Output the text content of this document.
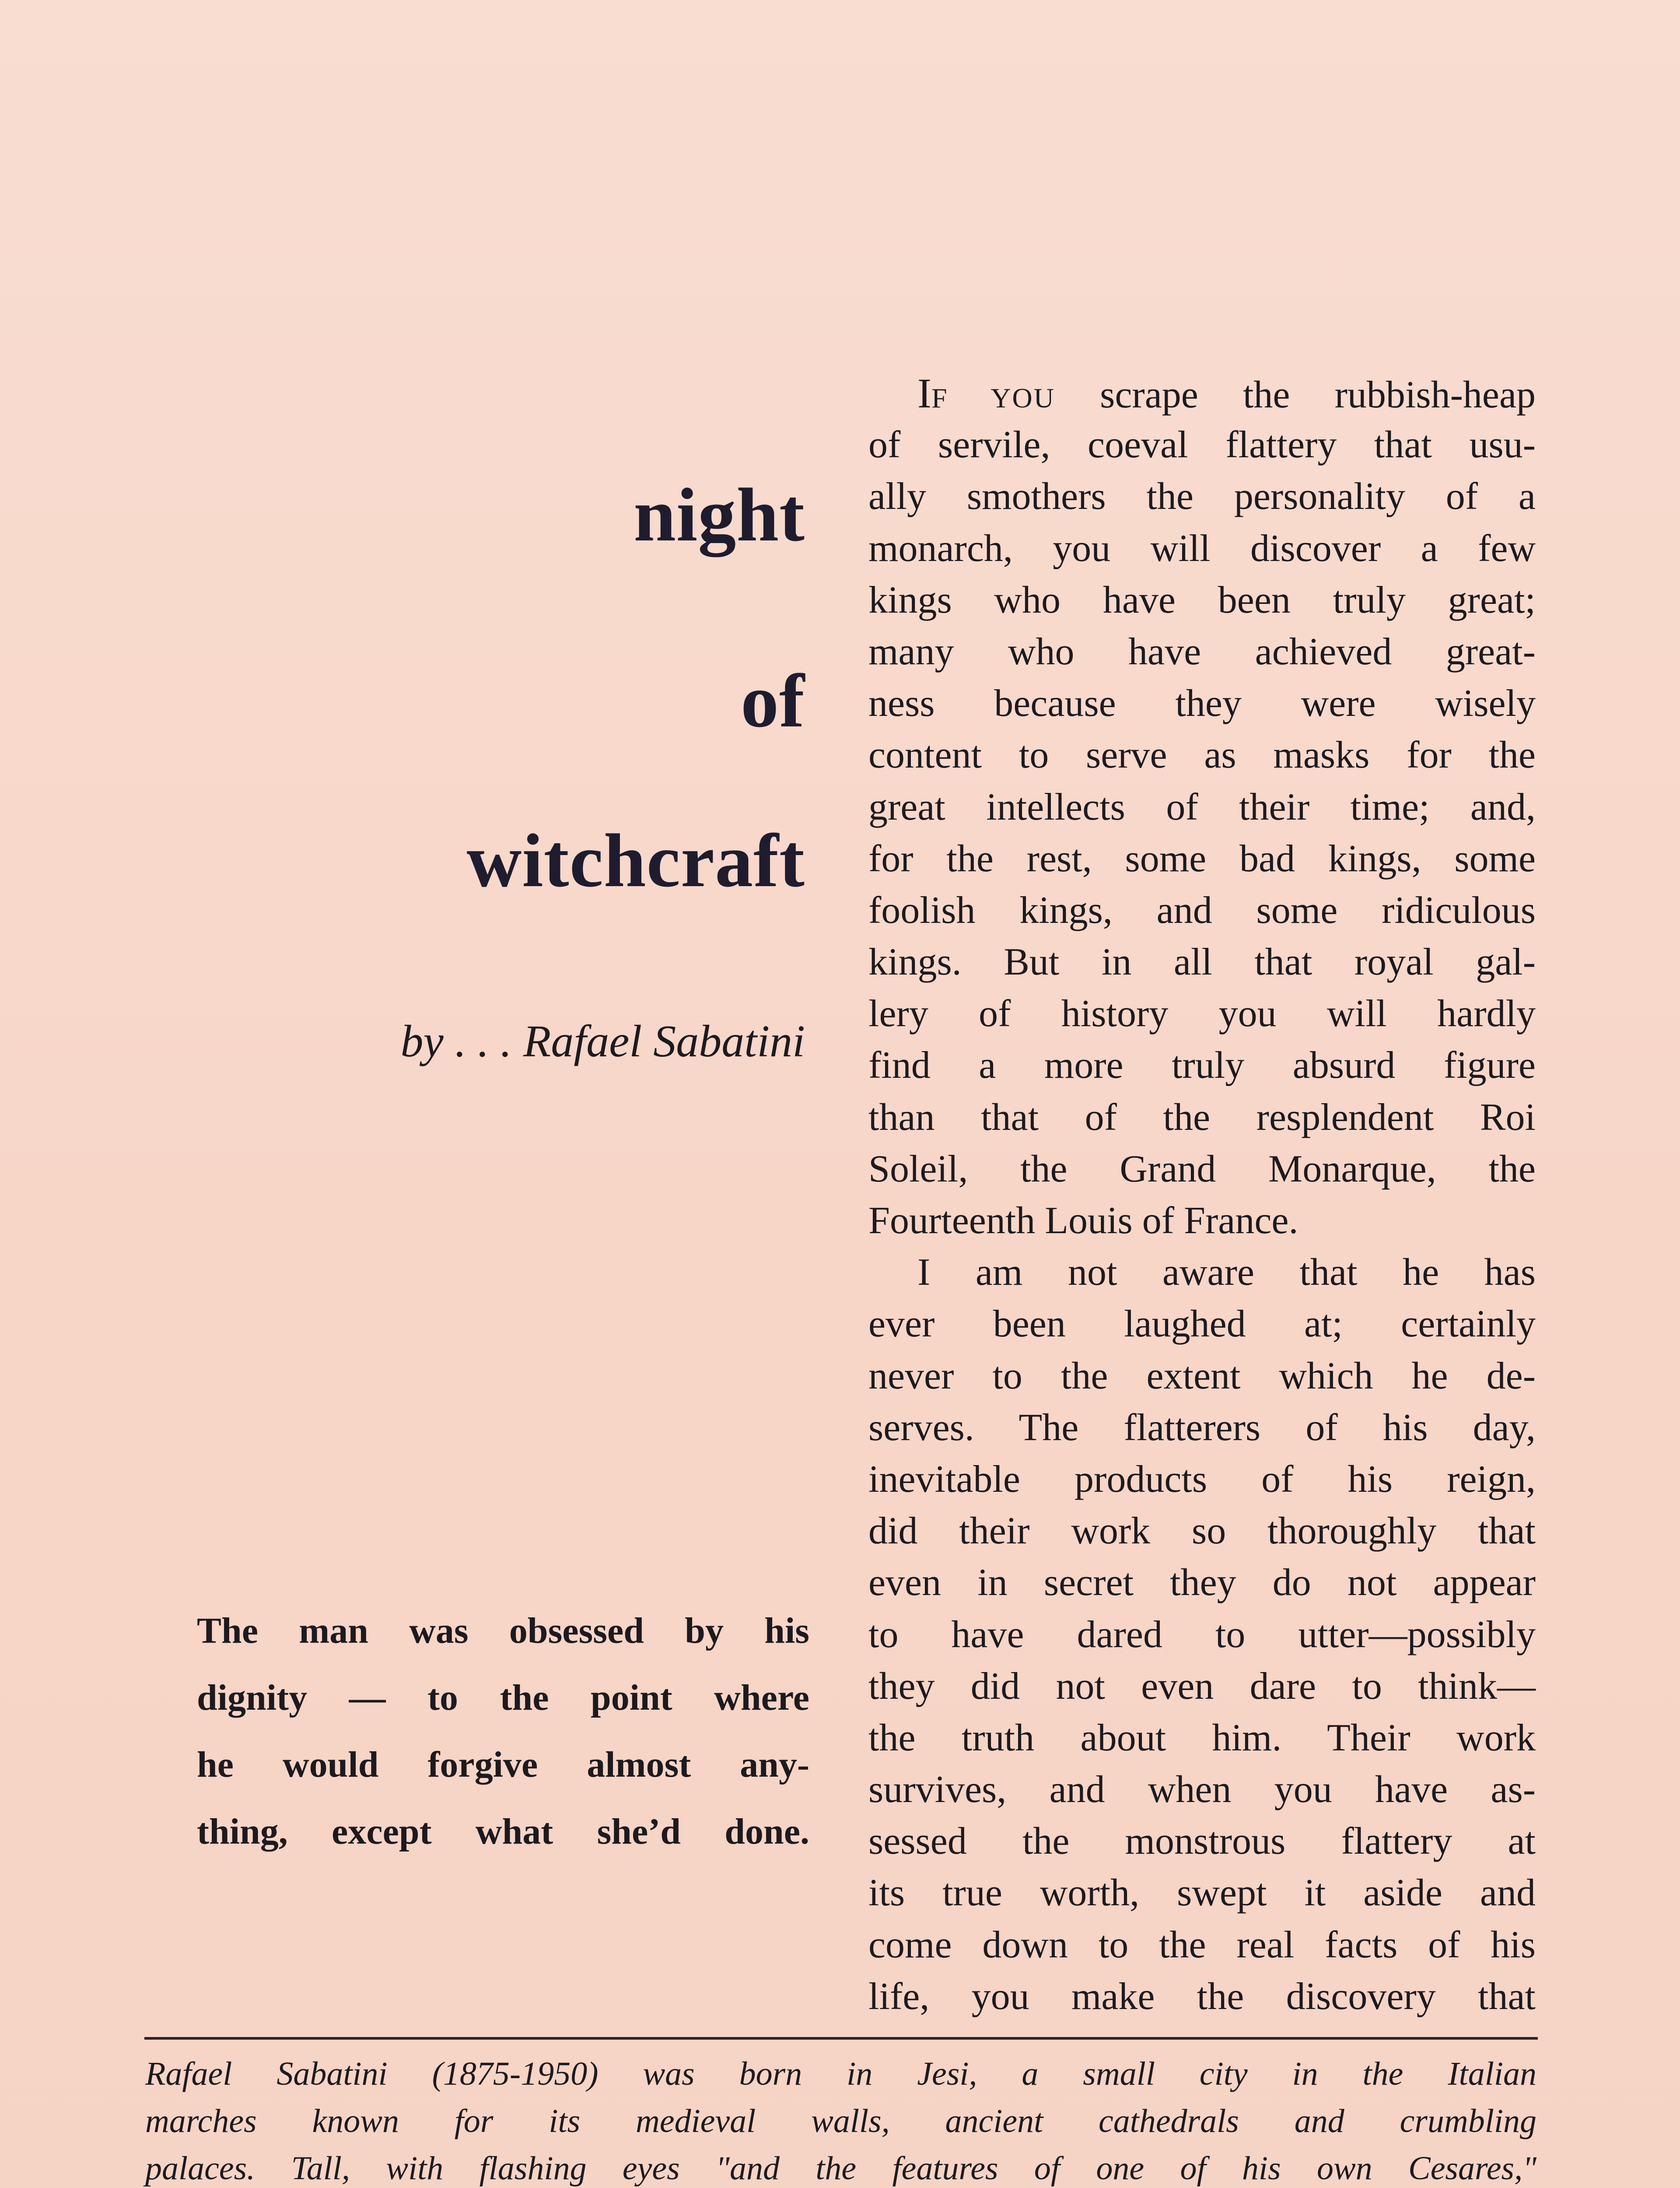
night
of
witchcraft
by . . . Rafael Sabatini
The man was obsessed by his
dignity — to the point where
he would forgive almost any-
thing, except what she’d done.
IF YOU scrape the rubbish-heap
of servile, coeval flattery that usu-
ally smothers the personality of a
monarch, you will discover a few
kings who have been truly great;
many who have achieved great-
ness because they were wisely
content to serve as masks for the
great intellects of their time; and,
for the rest, some bad kings, some
foolish kings, and some ridiculous
kings. But in all that royal gal-
lery of history you will hardly
find a more truly absurd figure
than that of the resplendent Roi
Soleil, the Grand Monarque, the
Fourteenth Louis of France.
I am not aware that he has
ever been laughed at; certainly
never to the extent which he de-
serves. The flatterers of his day,
inevitable products of his reign,
did their work so thoroughly that
even in secret they do not appear
to have dared to utter—possibly
they did not even dare to think—
the truth about him. Their work
survives, and when you have as-
sessed the monstrous flattery at
its true worth, swept it aside and
come down to the real facts of his
life, you make the discovery that
Rafael Sabatini (1875-1950) was born in Jesi, a small city in the Italian
marches known for its medieval walls, ancient cathedrals and crumbling
palaces. Tall, with flashing eyes "and the features of one of his own Cesares,"
